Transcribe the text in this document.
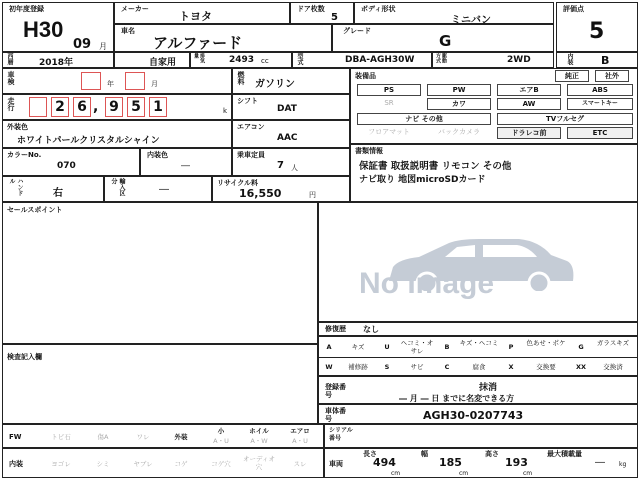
初年度登録
H30
09 月
メーカー
トヨタ
ドア枚数
5
ボディ形状
ミニバン
評価点
5
車名
アルファード
グレード
G
西暦	2018年	自家用	排気量	2493 cc	型式	DBA-AGH30W	駆動方式	2WD	内装	B
車検	年	月	燃料 ガソリン
走行	2 6 , 9 5 1	k
シフト
DAT
外装色
ホワイトパールクリスタルシャイン
エアコン
AAC
カラーNo.
070
内装色
―
乗車定員
7 人
ハンドル
右	輸入区分
―
リサイクル料
16,550	円
装備品	純正	社外
PS	PW	エアB	ABS
SR	カワ	AW	スマートキー
ナビ その他	TVフルセグ
フロアマット	バックカメラ	ドラレコ前	ETC
書類情報
保証書 取扱説明書 リモコン その他
ナビ取り 地図microSDカード
セールスポイント
No Image
修復歴 なし
A	キズ	U	ヘコミ・オサレ	B	キズ・ヘコミ	P	色あせ・ボケ	G	ガラスキズ
W	補修跡	S	サビ	C	腐食	X	交換要	XX	交換済
検査記入欄
登録番号
抹消
― 月 ― 日 までに名変できる方
車体番号	AGH30-0207743
FW	トビ石	傷A	ワレ	外装
小
A・U
ホイル
A・W
エアロ
A・U
内装	ヨゴレ	シミ	ヤブレ	コゲ	コゲ穴
オーディオ穴	スレ
シリアル番号
車両
長さ
494
cm
幅
185
cm
高さ
193
cm
最大積載量
― kg
